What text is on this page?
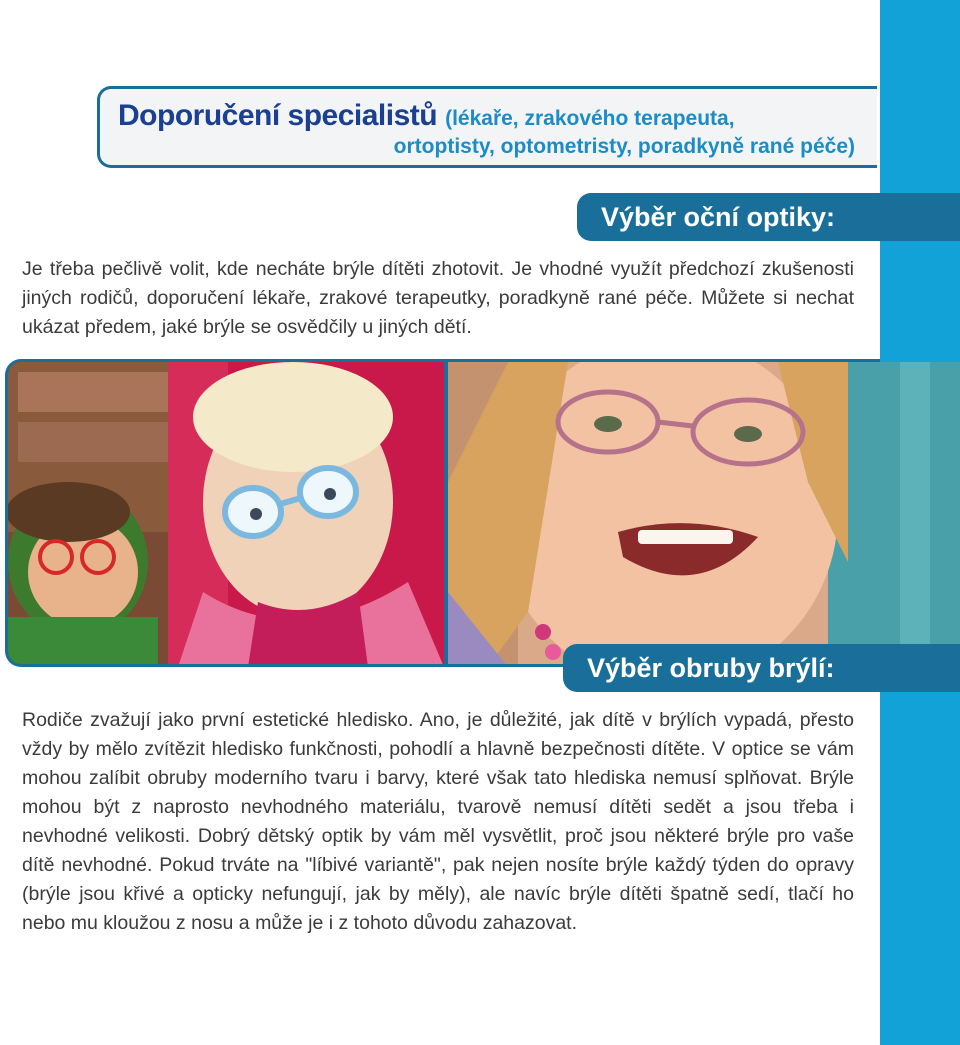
Doporučení specialistů (lékaře, zrakového terapeuta,
ortoptisty, optometristy, poradkyně rané péče)
Výběr oční optiky:

Je třeba pečlivě volit, kde necháte brýle dítěti zhotovit. Je vhodné využít předchozí zkušenosti jiných rodičů, doporučení lékaře, zrakové terapeutky, poradkyně rané péče. Můžete si nechat ukázat předem, jaké brýle se osvědčily u jiných dětí.

Výběr obruby brýlí:

Rodiče zvažují jako první estetické hledisko. Ano, je důležité, jak dítě v brýlích vypadá, přesto vždy by mělo zvítězit hledisko funkčnosti, pohodlí a hlavně bezpečnosti dítěte. V optice se vám mohou zalíbit obruby moderního tvaru i barvy, které však tato hlediska nemusí splňovat. Brýle mohou být z naprosto nevhodného materiálu, tvarově nemusí dítěti sedět a jsou třeba i nevhodné velikosti. Dobrý dětský optik by vám měl vysvětlit, proč jsou některé brýle pro vaše dítě nevhodné. Pokud trváte na "líbivé variantě", pak nejen nosíte brýle každý týden do opravy (brýle jsou křivé a opticky nefungují, jak by měly), ale navíc brýle dítěti špatně sedí, tlačí ho nebo mu kloužou z nosu a může je i z tohoto důvodu zahazovat.
